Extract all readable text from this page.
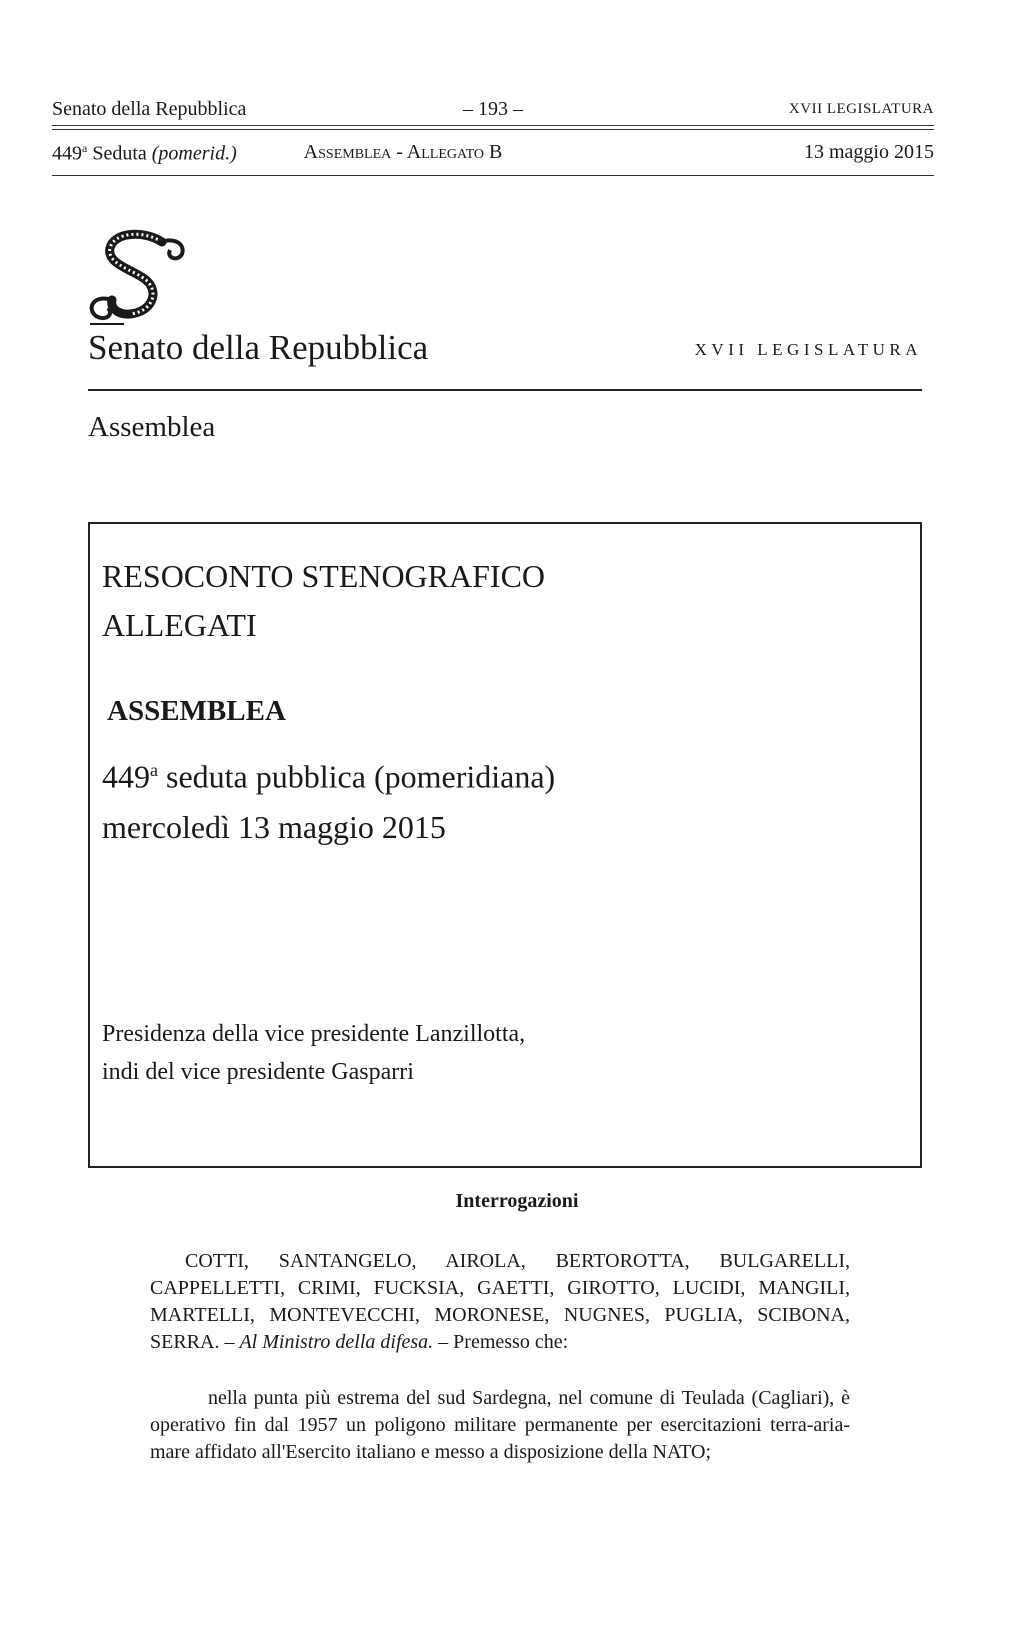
Senato della Repubblica	– 193 –	XVII LEGISLATURA
449$^a$ Seduta (pomerid.)	Assemblea - Allegato B	13 maggio 2015
Senato della Repubblica	XVII LEGISLATURA
Assemblea
RESOCONTO STENOGRAFICO
ALLEGATI
ASSEMBLEA
449$^a$ seduta pubblica (pomeridiana)
mercoledì 13 maggio 2015
Presidenza della vice presidente Lanzillotta,
indi del vice presidente Gasparri
Interrogazioni
COTTI, SANTANGELO, AIROLA, BERTOROTTA, BULGARELLI, CAPPELLETTI, CRIMI, FUCKSIA, GAETTI, GIROTTO, LUCIDI, MANGILI, MARTELLI, MONTEVECCHI, MORONESE, NUGNES, PUGLIA, SCIBONA, SERRA. – Al Ministro della difesa. – Premesso che:
nella punta più estrema del sud Sardegna, nel comune di Teulada (Cagliari), è operativo fin dal 1957 un poligono militare permanente per esercitazioni terra-aria-mare affidato all'Esercito italiano e messo a disposizione della NATO;
